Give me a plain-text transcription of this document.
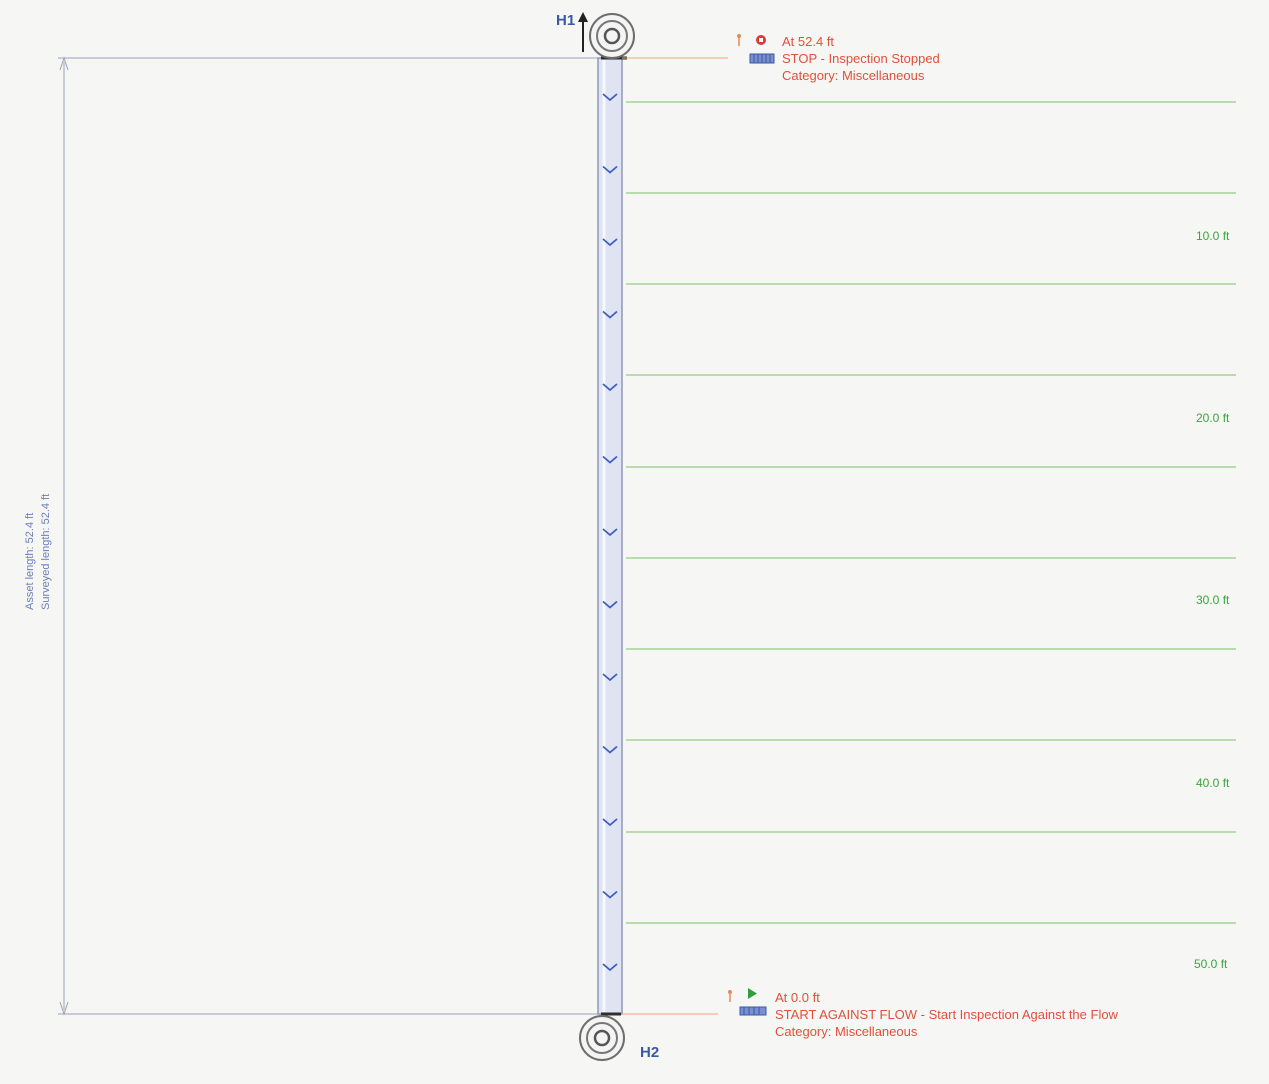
H1
H2
Asset length: 52.4 ft Surveyed length: 52.4 ft
10.0 ft
20.0 ft
30.0 ft
40.0 ft
50.0 ft
At 52.4 ft
STOP - Inspection Stopped
Category: Miscellaneous
At 0.0 ft
START AGAINST FLOW - Start Inspection Against the Flow
Category: Miscellaneous
